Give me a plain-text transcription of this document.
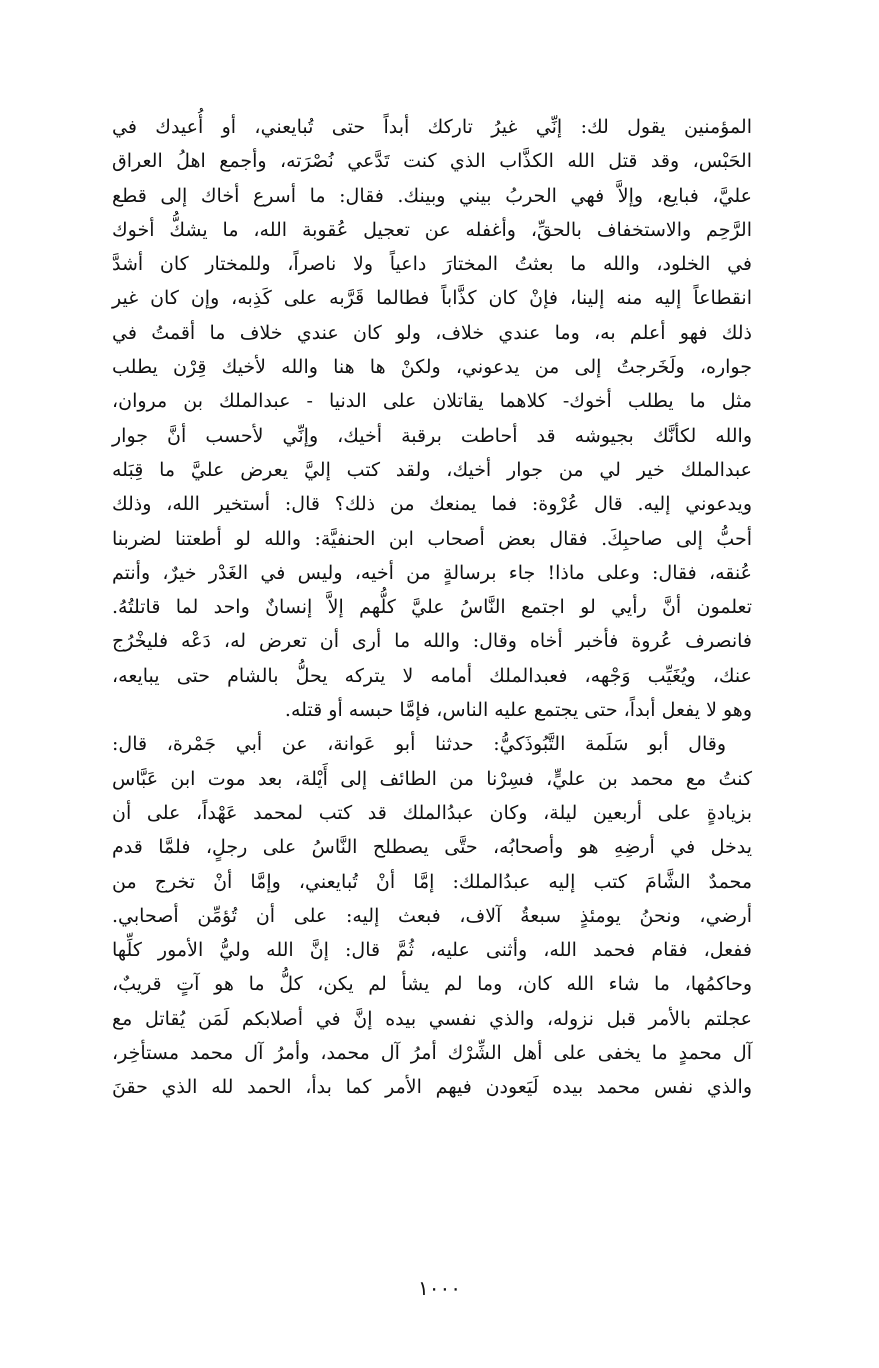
المؤمنين يقول لك: إنِّي غيرُ تاركك أبداً حتى تُبايعني، أو أُعيدك في
الحَبْس، وقد قتل الله الكذَّاب الذي كنت تَدَّعي نُصْرَته، وأجمع اهلُ العراق
عليَّ، فبايع، وإلاَّ فهي الحربُ بيني وبينك. فقال: ما أسرع أخاك إلى قطع
الرَّحِم والاستخفاف بالحقِّ، وأغفله عن تعجيل عُقوبة الله، ما يشكُّ أخوك
في الخلود، والله ما بعثتُ المختارَ داعياً ولا ناصراً، وللمختار كان أشدَّ
انقطاعاً إليه منه إلينا، فإنْ كان كذَّاباً فطالما قَرَّبه على كَذِبه، وإن كان غير
ذلك فهو أعلم به، وما عندي خلاف، ولو كان عندي خلاف ما أقمتُ في
جواره، ولَخَرجتُ إلى من يدعوني، ولكنْ ها هنا والله لأخيك قِرْن يطلب
مثل ما يطلب أخوك- كلاهما يقاتلان على الدنيا - عبدالملك بن مروان،
والله لكأنَّك بجيوشه قد أحاطت برقبة أخيك، وإنِّي لأحسب أنَّ جوار
عبدالملك خير لي من جوار أخيك، ولقد كتب إليَّ يعرض عليَّ ما قِبَله
ويدعوني إليه. قال عُرْوة: فما يمنعك من ذلك؟ قال: أستخير الله، وذلك
أحبُّ إلى صاحبِكَ. فقال بعض أصحاب ابن الحنفيَّة: والله لو أطعتنا لضربنا
عُنقه، فقال: وعلى ماذا! جاء برسالةٍ من أخيه، وليس في الغَدْر خيرٌ، وأنتم
تعلمون أنَّ رأيي لو اجتمع النَّاسُ عليَّ كلُّهم إلاَّ إنسانٌ واحد لما قاتلتُهُ.
فانصرف عُروة فأخبر أخاه وقال: والله ما أرى أن تعرض له، دَعْه فليخْرُج
عنك، ويُغَيِّب وَجْهه، فعبدالملك أمامه لا يتركه يحلُّ بالشام حتى يبايعه،
وهو لا يفعل أبداً، حتى يجتمع عليه الناس، فإمَّا حبسه أو قتله.
وقال أبو سَلَمة التَّبُوذَكيُّ: حدثنا أبو عَوانة، عن أبي جَمْرة، قال:
كنتُ مع محمد بن عليٍّ، فسِرْنا من الطائف إلى أَيْلة، بعد موت ابن عَبَّاس
بزيادةٍ على أربعين ليلة، وكان عبدُالملك قد كتب لمحمد عَهْداً، على أن
يدخل في أرضِهِ هو وأصحابُه، حتَّى يصطلح النَّاسُ على رجلٍ، فلمَّا قدم
محمدٌ الشَّامَ كتب إليه عبدُالملك: إمَّا أنْ تُبايعني، وإمَّا أنْ تخرج من
أرضي، ونحنُ يومئذٍ سبعةُ آلاف، فبعث إليه: على أن تُؤمِّن أصحابي.
ففعل، فقام فحمد الله، وأثنى عليه، ثُمَّ قال: إنَّ الله وليُّ الأمور كلِّها
وحاكمُها، ما شاء الله كان، وما لم يشأ لم يكن، كلُّ ما هو آتٍ قريبٌ،
عجلتم بالأمر قبل نزوله، والذي نفسي بيده إنَّ في أصلابكم لَمَن يُقاتل مع
آل محمدٍ ما يخفى على أهل الشِّرْك أمرُ آل محمد، وأمرُ آل محمد مستأخِر،
والذي نفس محمد بيده لَيَعودن فيهم الأمر كما بدأ، الحمد لله الذي حقنَ
١٠٠٠
